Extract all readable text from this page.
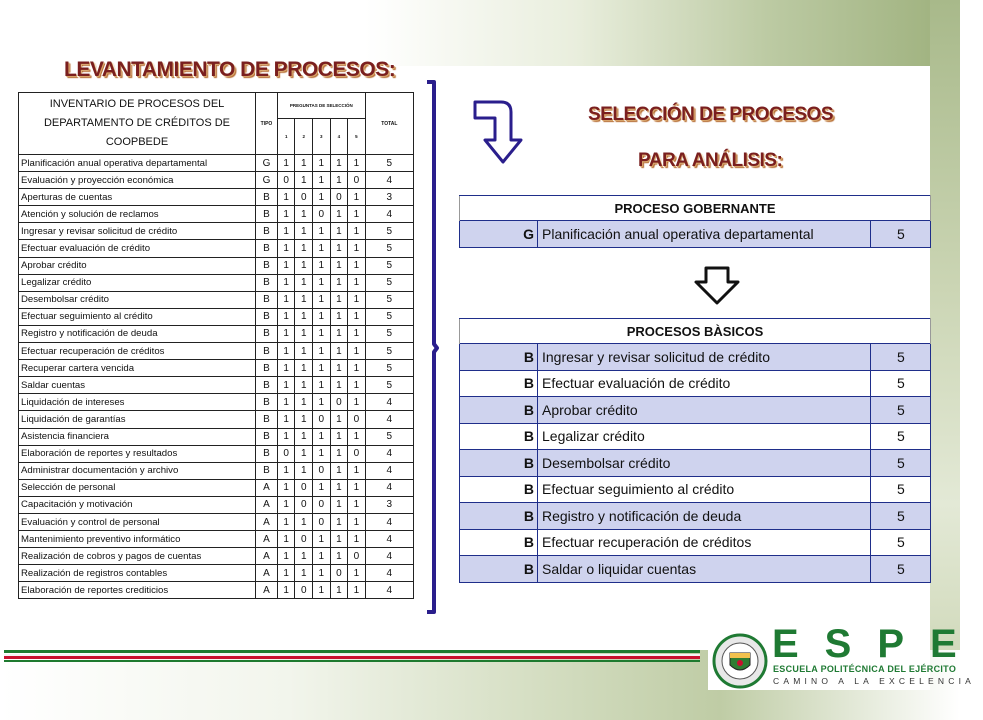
LEVANTAMIENTO DE PROCESOS:
SELECCIÓN DE PROCESOS
PARA ANÁLISIS:
INVENTARIO DE PROCESOS DEL DEPARTAMENTO DE CRÉDITOS DE COOPBEDE	TIPO	PREGUNTAS DE SELECCIÓN					TOTAL
		1	2	3	4	5	
Planificación anual operativa departamental	G	1	1	1	1	1	5
Evaluación y proyección económica	G	0	1	1	1	0	4
Aperturas de cuentas	B	1	0	1	0	1	3
Atención y solución de reclamos	B	1	1	0	1	1	4
Ingresar y revisar solicitud de crédito	B	1	1	1	1	1	5
Efectuar evaluación de crédito	B	1	1	1	1	1	5
Aprobar crédito	B	1	1	1	1	1	5
Legalizar crédito	B	1	1	1	1	1	5
Desembolsar crédito	B	1	1	1	1	1	5
Efectuar seguimiento al crédito	B	1	1	1	1	1	5
Registro y notificación de deuda	B	1	1	1	1	1	5
Efectuar recuperación de créditos	B	1	1	1	1	1	5
Recuperar cartera vencida	B	1	1	1	1	1	5
Saldar cuentas	B	1	1	1	1	1	5
Liquidación de intereses	B	1	1	1	0	1	4
Liquidación de garantías	B	1	1	0	1	0	4
Asistencia financiera	B	1	1	1	1	1	5
Elaboración de reportes y resultados	B	0	1	1	1	0	4
Administrar documentación y archivo	B	1	1	0	1	1	4
Selección de personal	A	1	0	1	1	1	4
Capacitación y motivación	A	1	0	0	1	1	3
Evaluación y control de personal	A	1	1	0	1	1	4
Mantenimiento preventivo informático	A	1	0	1	1	1	4
Realización de cobros y pagos de cuentas	A	1	1	1	1	0	4
Realización de registros contables	A	1	1	1	0	1	4
Elaboración de reportes crediticios	A	1	0	1	1	1	4
PROCESO GOBERNANTE
G	Planificación anual operativa departamental	5
PROCESOS BÀSICOS		
B	Ingresar y revisar solicitud de crédito	5
B	Efectuar evaluación de crédito	5
B	Aprobar crédito	5
B	Legalizar crédito	5
B	Desembolsar crédito	5
B	Efectuar seguimiento al crédito	5
B	Registro y notificación de deuda	5
B	Efectuar recuperación de créditos	5
B	Saldar o liquidar cuentas	5
ESPE
ESCUELA POLITÉCNICA DEL EJÉRCITO
CAMINO A LA EXCELENCIA
